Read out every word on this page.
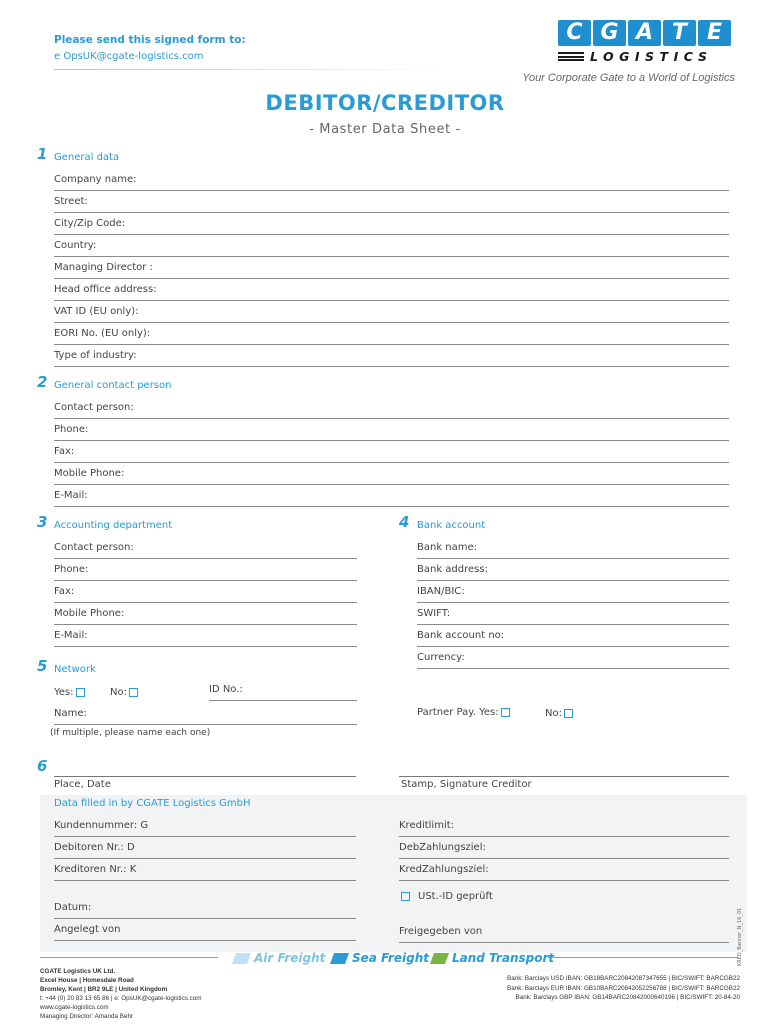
Please send this signed form to:
e OpsUK@cgate-logistics.com
C G A T E
LOGISTICS
Your Corporate Gate to a World of Logistics
DEBITOR/CREDITOR
- Master Data Sheet -
1 General data
Company name:
Street:
City/Zip Code:
Country:
Managing Director :
Head office address:
VAT ID (EU only):
EORI No. (EU only):
Type of industry:
2 General contact person
Contact person:
Phone:
Fax:
Mobile Phone:
E-Mail:
3 Accounting department
Contact person:
Phone:
Fax:
Mobile Phone:
E-Mail:
4 Bank account
Bank name:
Bank address:
IBAN/BIC:
SWIFT:
Bank account no:
Currency:
5 Network
Yes:	No:	ID No.:
Name:
(If multiple, please name each one)
Partner Pay. Yes:	No:
6
Place, Date	Stamp, Signature Creditor
Data filled in by CGATE Logistics GmbH
Kundennummer: G
Debitoren Nr.: D
Kreditoren Nr.: K
Kreditlimit:
DebZahlungsziel:
KredZahlungsziel:
USt.-ID geprüft
Datum:
Angelegt von	Freigegeben von
Air Freight Sea Freight Land Transport
CGATE Logistics UK Ltd.
Excel House | Homesdale Road
Bromley, Kent | BR2 9LE | United Kingdom
t: +44 (0) 20 83 13 65 86 | e: OpsUK@cgate-logistics.com
www.cgate-logistics.com
Managing Director: Amanda Behr
Bank: Barclays USD IBAN: GB18BARC20842087347655 | BIC/SWIFT: BARCGB22
Bank: Barclays EUR IBAN: GB10BARC20842052256788 | BIC/SWIFT: BARCGB22
Bank: Barclays GBP IBAN: GB14BARC20842000640196 | BIC/SWIFT: 20-84-20
KRED_Banner_N_16_01
